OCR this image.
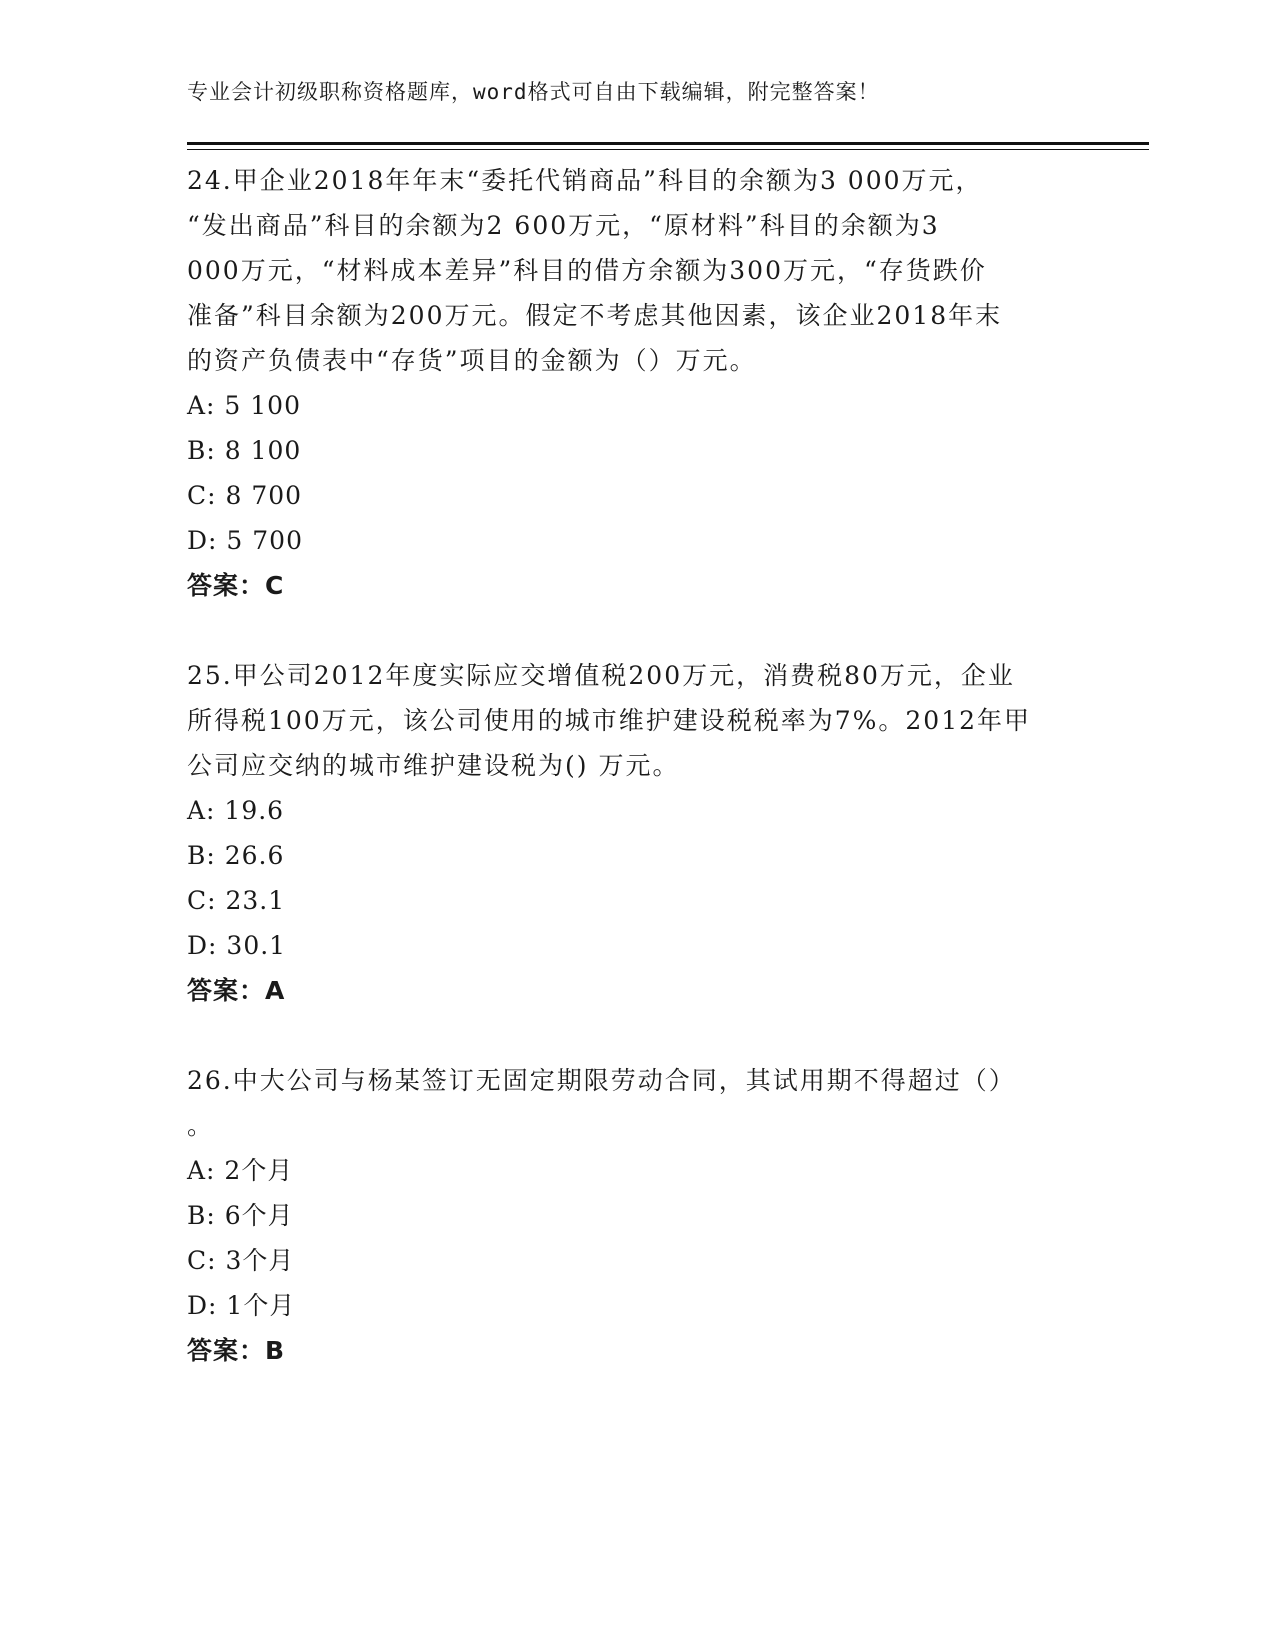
专业会计初级职称资格题库，word格式可自由下载编辑，附完整答案！
24.甲企业2018年年末“委托代销商品”科目的余额为3 000万元，
“发出商品”科目的余额为2 600万元，“原材料”科目的余额为3
000万元，“材料成本差异”科目的借方余额为300万元，“存货跌价
准备”科目余额为200万元。假定不考虑其他因素，该企业2018年末
的资产负债表中“存货”项目的金额为（）万元。
A: 5 100
B: 8 100
C: 8 700
D: 5 700
答案：C
25.甲公司2012年度实际应交增值税200万元，消费税80万元，企业
所得税100万元，该公司使用的城市维护建设税税率为7%。2012年甲
公司应交纳的城市维护建设税为() 万元。
A: 19.6
B: 26.6
C: 23.1
D: 30.1
答案：A
26.中大公司与杨某签订无固定期限劳动合同，其试用期不得超过（）
。
A: 2个月
B: 6个月
C: 3个月
D: 1个月
答案：B
